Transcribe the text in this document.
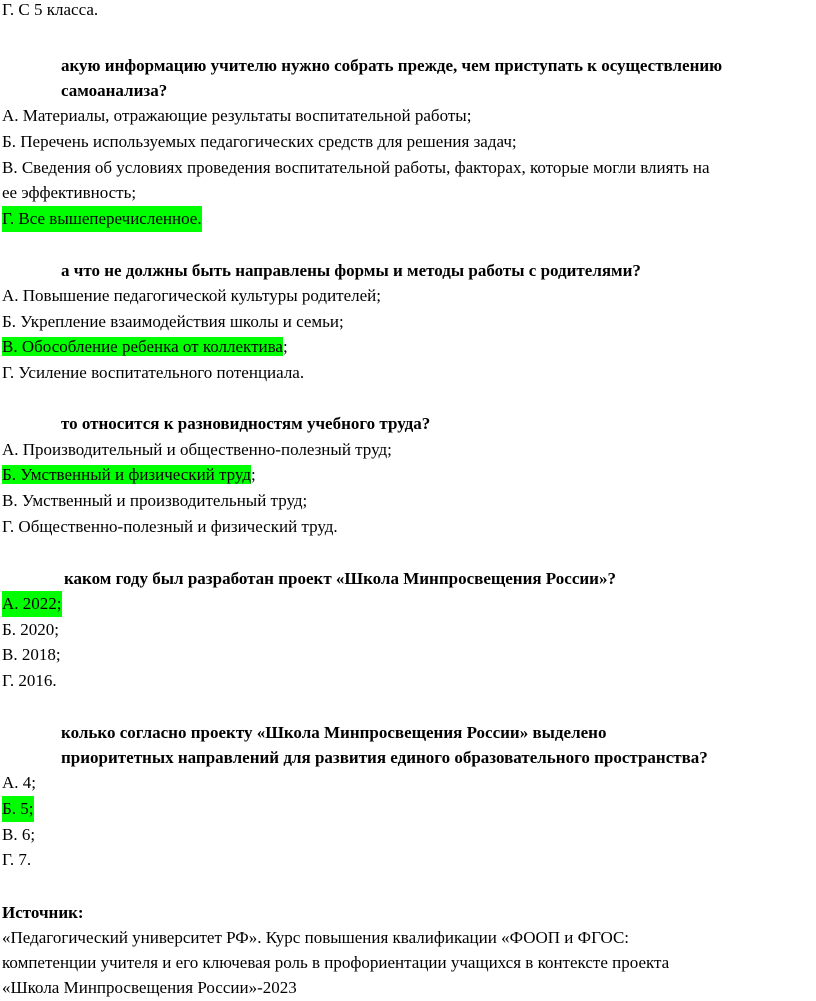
Г. С 5 класса.
акую информацию учителю нужно собрать прежде, чем приступать к осуществлению
самоанализа?
А. Материалы, отражающие результаты воспитательной работы;
Б. Перечень используемых педагогических средств для решения задач;
В. Сведения об условиях проведения воспитательной работы, факторах, которые могли влиять на
ее эффективность;
Г. Все вышеперечисленное.
а что не должны быть направлены формы и методы работы с родителями?
А. Повышение педагогической культуры родителей;
Б. Укрепление взаимодействия школы и семьи;
В. Обособление ребенка от коллектива;
Г. Усиление воспитательного потенциала.
то относится к разновидностям учебного труда?
А. Производительный и общественно-полезный труд;
Б. Умственный и физический труд;
В. Умственный и производительный труд;
Г. Общественно-полезный и физический труд.
каком году был разработан проект «Школа Минпросвещения России»?
А. 2022;
Б. 2020;
В. 2018;
Г. 2016.
колько согласно проекту «Школа Минпросвещения России» выделено
приоритетных направлений для развития единого образовательного пространства?
А. 4;
Б. 5;
В. 6;
Г. 7.
Источник:
«Педагогический университет РФ». Курс повышения квалификации «ФООП и ФГОС:
компетенции учителя и его ключевая роль в профориентации учащихся в контексте проекта
«Школа Минпросвещения России»-2023
